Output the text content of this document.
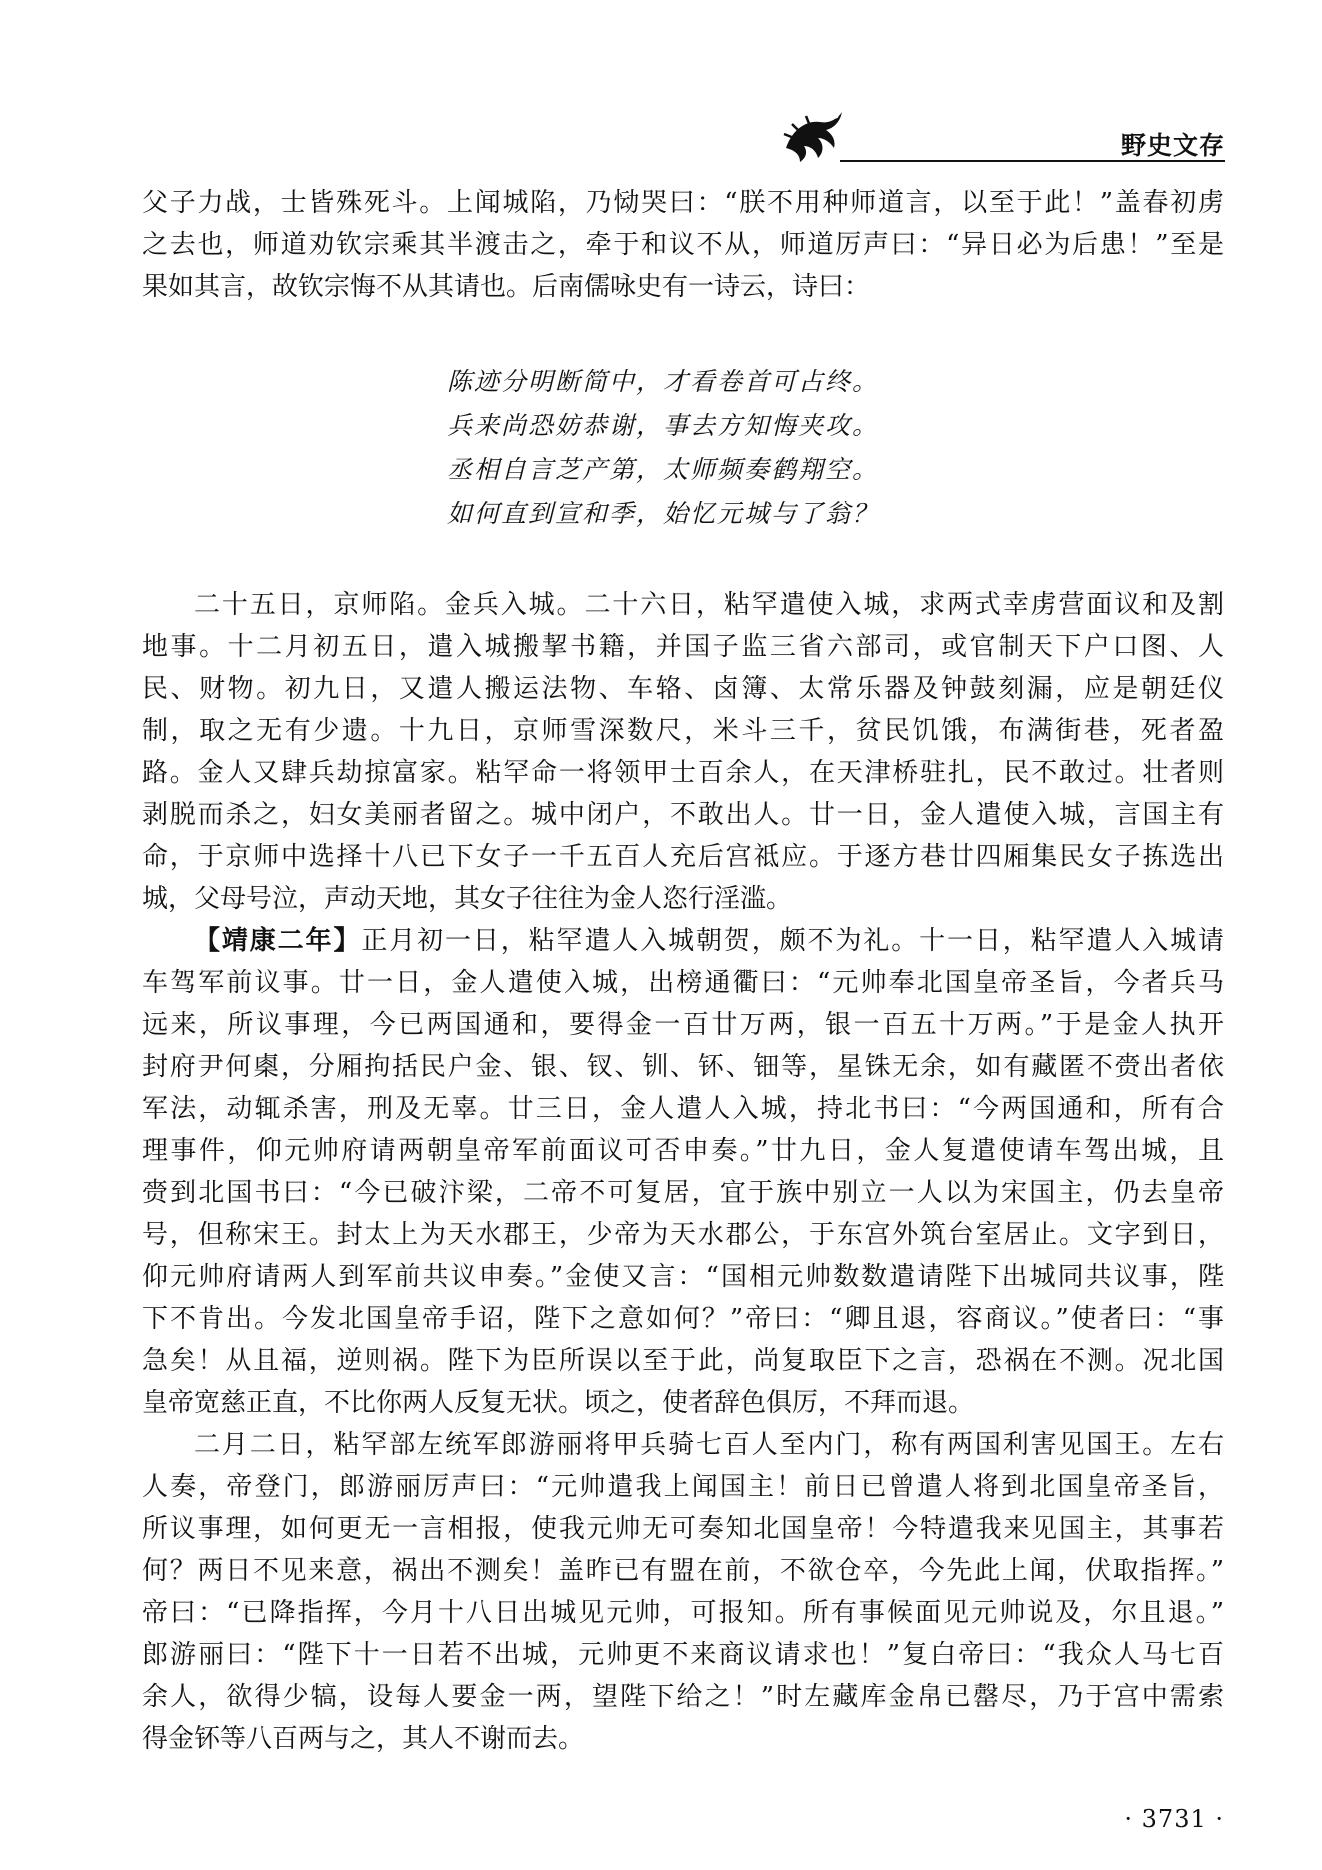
野史文存

父子力战，士皆殊死斗。上闻城陷，乃恸哭曰：“朕不用种师道言，以至于此！”盖春初虏

之去也，师道劝钦宗乘其半渡击之，牵于和议不从，师道厉声曰：“异日必为后患！”至是

果如其言，故钦宗悔不从其请也。后南儒咏史有一诗云，诗曰：

陈迹分明断简中，才看卷首可占终。
兵来尚恐妨恭谢，事去方知悔夹攻。
丞相自言芝产第，太师频奏鹤翔空。
如何直到宣和季，始忆元城与了翁？

二十五日，京师陷。金兵入城。二十六日，粘罕遣使入城，求两式幸虏营面议和及割

地事。十二月初五日，遣入城搬挈书籍，并国子监三省六部司，或官制天下户口图、人

民、财物。初九日，又遣人搬运法物、车辂、卤簿、太常乐器及钟鼓刻漏，应是朝廷仪

制，取之无有少遗。十九日，京师雪深数尺，米斗三千，贫民饥饿，布满街巷，死者盈

路。金人又肆兵劫掠富家。粘罕命一将领甲士百余人，在天津桥驻扎，民不敢过。壮者则

剥脱而杀之，妇女美丽者留之。城中闭户，不敢出人。廿一日，金人遣使入城，言国主有

命，于京师中选择十八已下女子一千五百人充后宫祗应。于逐方巷廿四厢集民女子拣选出

城，父母号泣，声动天地，其女子往往为金人恣行淫滥。

【靖康二年】正月初一日，粘罕遣人入城朝贺，颇不为礼。十一日，粘罕遣人入城请

车驾军前议事。廿一日，金人遣使入城，出榜通衢曰：“元帅奉北国皇帝圣旨，今者兵马

远来，所议事理，今已两国通和，要得金一百廿万两，银一百五十万两。”于是金人执开

封府尹何㮚，分厢拘括民户金、银、钗、钏、钚、钿等，星铢无余，如有藏匿不赍出者依

军法，动辄杀害，刑及无辜。廿三日，金人遣人入城，持北书曰：“今两国通和，所有合

理事件，仰元帅府请两朝皇帝军前面议可否申奏。”廿九日，金人复遣使请车驾出城，且

赍到北国书曰：“今已破汴梁，二帝不可复居，宜于族中别立一人以为宋国主，仍去皇帝

号，但称宋王。封太上为天水郡王，少帝为天水郡公，于东宫外筑台室居止。文字到日，

仰元帅府请两人到军前共议申奏。”金使又言：“国相元帅数数遣请陛下出城同共议事，陛

下不肯出。今发北国皇帝手诏，陛下之意如何？”帝曰：“卿且退，容商议。”使者曰：“事

急矣！从且福，逆则祸。陛下为臣所误以至于此，尚复取臣下之言，恐祸在不测。况北国

皇帝宽慈正直，不比你两人反复无状。顷之，使者辞色俱厉，不拜而退。

二月二日，粘罕部左统军郎游丽将甲兵骑七百人至内门，称有两国利害见国王。左右

人奏，帝登门，郎游丽厉声曰：“元帅遣我上闻国主！前日已曾遣人将到北国皇帝圣旨，

所议事理，如何更无一言相报，使我元帅无可奏知北国皇帝！今特遣我来见国主，其事若

何？两日不见来意，祸出不测矣！盖昨已有盟在前，不欲仓卒，今先此上闻，伏取指挥。”

帝曰：“已降指挥，今月十八日出城见元帅，可报知。所有事候面见元帅说及，尔且退。”

郎游丽曰：“陛下十一日若不出城，元帅更不来商议请求也！”复白帝曰：“我众人马七百

余人，欲得少犒，设每人要金一两，望陛下给之！”时左藏库金帛已罄尽，乃于宫中需索

得金钚等八百两与之，其人不谢而去。

· 3731 ·
